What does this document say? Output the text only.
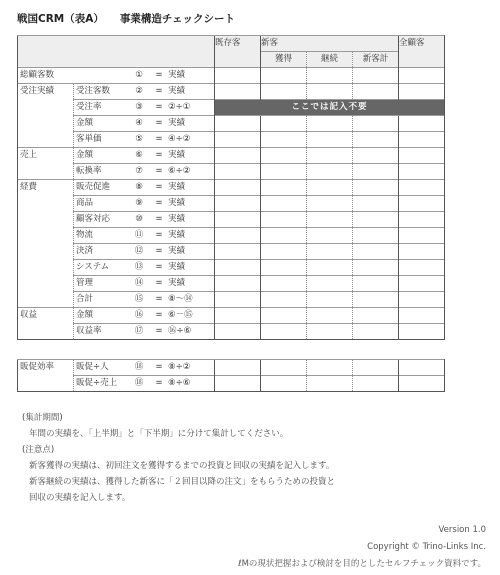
戦国CRM（表A） 事業構造チェックシート
					既存客	新客			全顧客
						獲得	継続	新客計	
総顧客数		①	=	実績					
受注実績	受注客数	②	=	実績					
	受注率	③	=	②÷①	ここでは記入不要				
	金額	④	=	実績					
	客単価	⑤	=	④÷②					
売上	金額	⑥	=	実績					
	転換率	⑦	=	⑥÷②					
経費	販売促進	⑧	=	実績					
	商品	⑨	=	実績					
	顧客対応	⑩	=	実績					
	物流	⑪	=	実績					
	決済	⑫	=	実績					
	システム	⑬	=	実績					
	管理	⑭	=	実績					
	合計	⑮	=	⑧～⑭					
収益	金額	⑯	=	⑥－⑮					
	収益率	⑰	=	⑯÷⑥					
販促効率	販促÷人	⑱	=	⑧÷②					
	販促÷売上	⑱	=	⑧÷⑥					
(集計期間)
年間の実績を、「上半期」と「下半期」に分けて集計してください。
(注意点)
新客獲得の実績は、初回注文を獲得するまでの投資と回収の実績を記入します。
新客継続の実績は、獲得した新客に「２回目以降の注文」をもらうための投資と
回収の実績を記入します。
Version 1.0
Copyright © Trino-Links Inc.
ℓMの現状把握および検討を目的としたセルフチェック資料です。
